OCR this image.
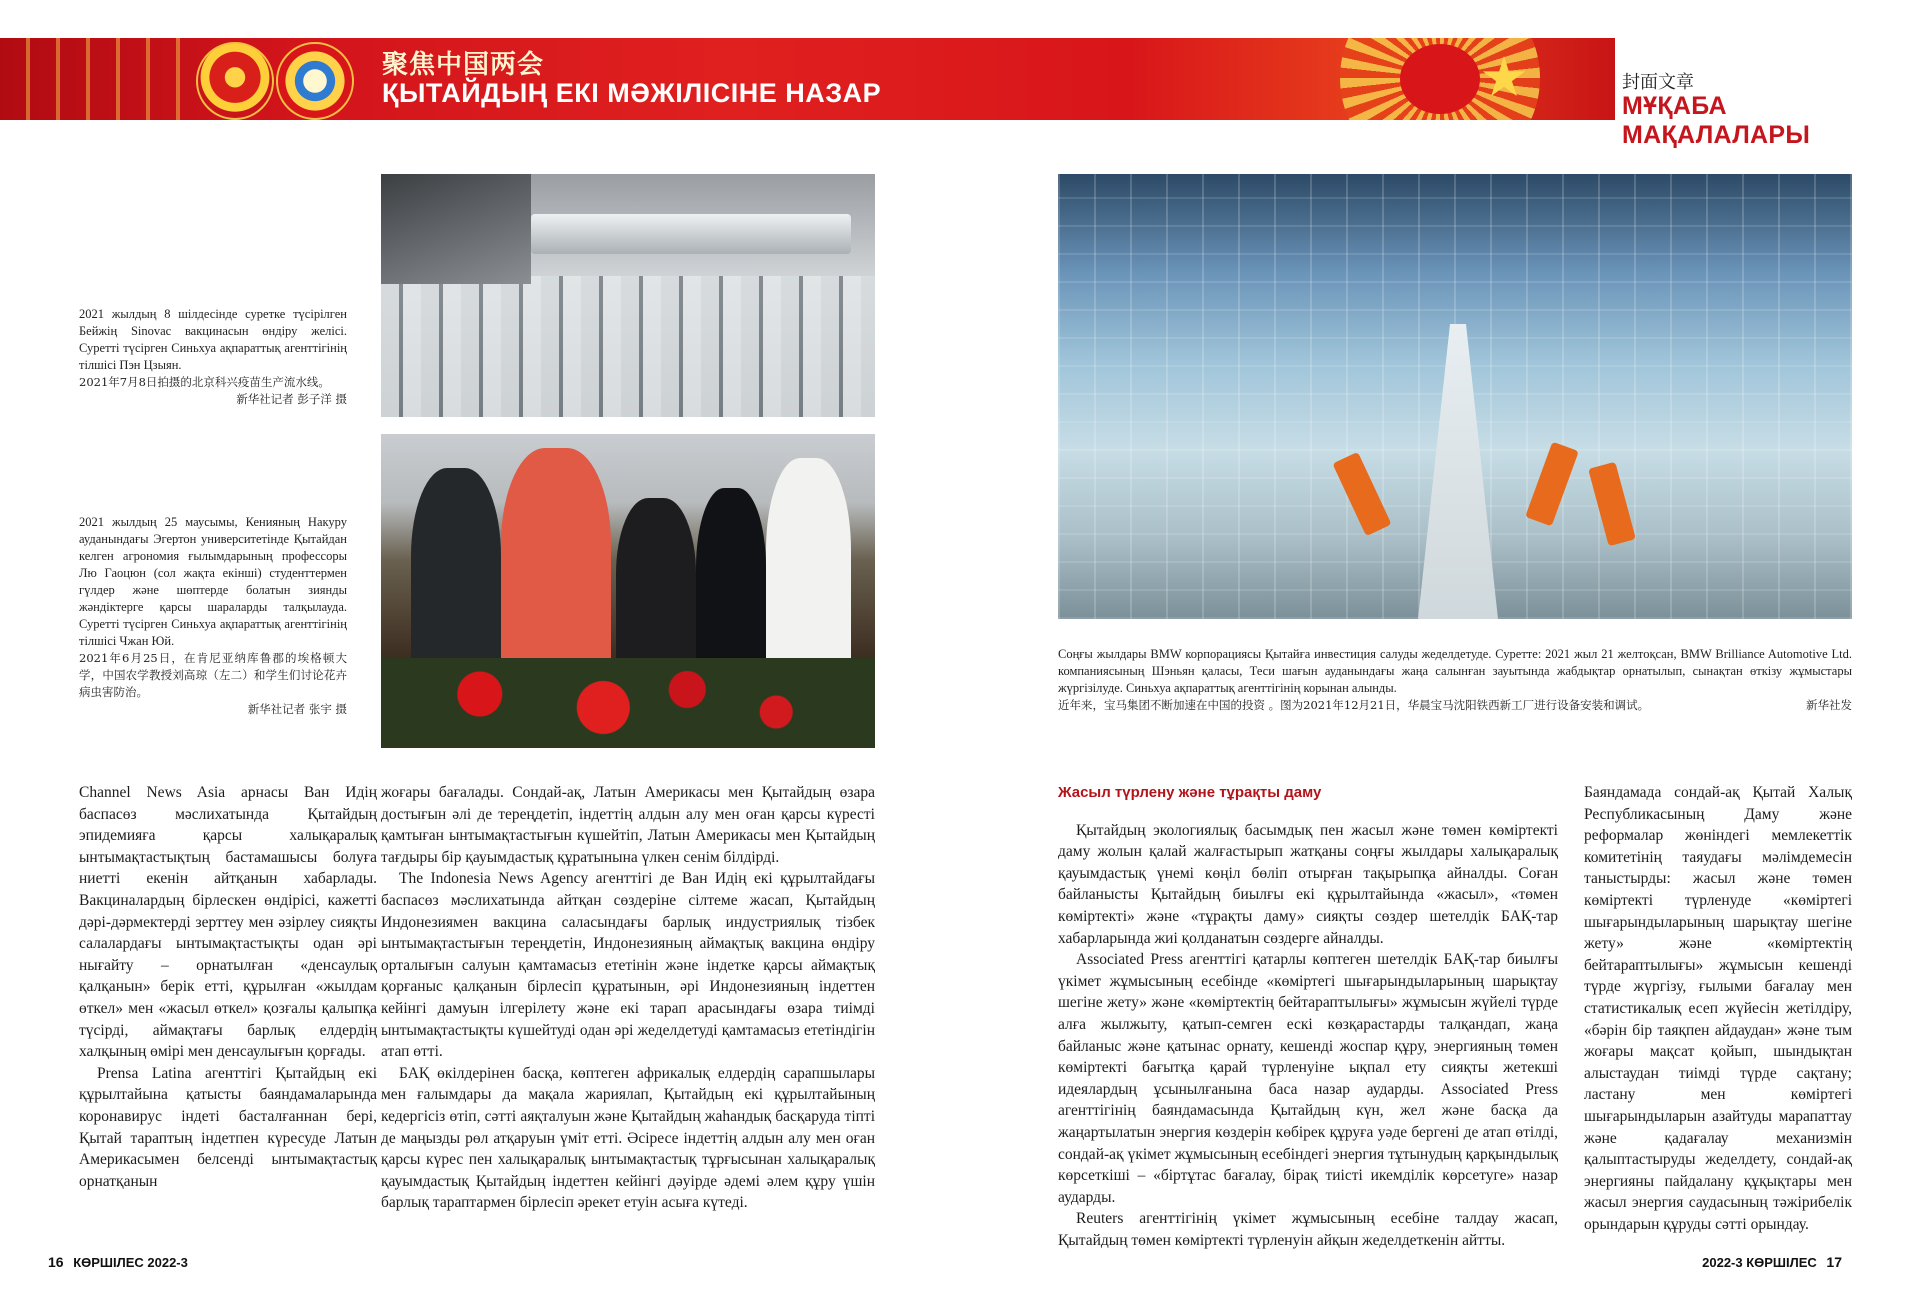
聚焦中国两会
ҚЫТАЙДЫҢ ЕКІ МӘЖІЛІСІНЕ НАЗАР	封面文章
МҰҚАБА МАҚАЛАЛАРЫ
2021 жылдың 8 шілдесінде суретке түсірілген Бейжің Sinovac вакцинасын өндіру желісі. Суретті түсірген Синьхуа ақпараттық агенттігінің тілшісі Пэн Цзыян.
2021年7月8日拍摄的北京科兴疫苗生产流水线。
新华社记者 彭子洋 摄
2021 жылдың 25 маусымы, Кенияның Накуру ауданындағы Эгертон университетінде Қытайдан келген агрономия ғылымдарының профессоры Лю Гаоцюн (сол жақта екінші) студенттермен гүлдер және шөптерде болатын зиянды жәндіктерге қарсы шараларды талқылауда. Суретті түсірген Синьхуа ақпараттық агенттігінің тілшісі Чжан Юй.
2021年6月25日，在肯尼亚纳库鲁郡的埃格顿大学，中国农学教授刘高琼（左二）和学生们讨论花卉病虫害防治。
新华社记者 张宇 摄
Соңғы жылдары BMW корпорациясы Қытайға инвестиция салуды жеделдетуде. Суретте: 2021 жыл 21 желтоқсан, BMW Brilliance Automotive Ltd. компаниясының Шэньян қаласы, Теси шағын ауданындағы жаңа салынған зауытында жабдықтар орнатылып, сынақтан өткізу жұмыстары жүргізілуде. Синьхуа ақпараттық агенттігінің корынан алынды.
近年来，宝马集团不断加速在中国的投资 。图为2021年12月21日，华晨宝马沈阳铁西新工厂进行设备安装和调试。	新华社发

Channel News Asia арнасы Ван Идің баспасөз мәслихатында Қытайдың эпидемияға қарсы халықаралық ынтымақтастықтың бастамашысы болуға ниетті екенін айтқанын хабарлады. Вакциналардың бірлескен өндірісі, кажетті дәрі-дәрмектерді зерттеу мен әзірлеу сияқты салалардағы ынтымақтастықты одан әрі нығайту – орнатылған «денсаулық қалқанын» берік етті, құрылған «жылдам өткел» мен «жасыл өткел» қозғалы қалыпқа түсірді, аймақтағы барлық елдердің халқының өмірі мен денсаулығын қорғады.

Prensa Latina агенттігі Қытайдың екі құрылтайына қатысты баяндамаларында коронавирус індеті басталғаннан бері, Қытай тараптың індетпен күресуде Латын Америкасымен белсенді ынтымақтастық орнатқанын

жоғары бағалады. Сондай-ақ, Латын Америкасы мен Қытайдың өзара достығын әлі де тереңдетіп, індеттің алдын алу мен оған қарсы күресті қамтыған ынтымақтастығын күшейтіп, Латын Америкасы мен Қытайдың тағдыры бір қауымдастық құратынына үлкен сенім білдірді.

The Indonesia News Agency агенттігі де Ван Идің екі құрылтайдағы баспасөз мәслихатында айтқан сөздеріне сілтеме жасап, Қытайдың Индонезиямен вакцина саласындағы барлық индустриялық тізбек ынтымақтастығын тереңдетін, Индонезияның аймақтық вакцина өндіру орталығын салуын қамтамасыз ететінін және індетке қарсы аймақтық қорғаныс қалқанын бірлесіп құратынын, әрі Индонезияның індеттен кейінгі дамуын ілгерілету және екі тарап арасындағы өзара тиімді ынтымақтастықты күшейтуді одан әрі жеделдетуді қамтамасыз ететіндігін атап өтті.

БАҚ өкілдерінен басқа, көптеген африкалық елдердің сарапшылары мен ғалымдары да мақала жариялап, Қытайдың екі құрылтайының кедергісіз өтіп, сәтті аяқталуын және Қытайдың жаһандық басқаруда тіпті де маңызды рөл атқаруын үміт етті. Әсіресе індеттің алдын алу мен оған қарсы күрес пен халықаралық ынтымақтастық тұрғысынан халықаралық қауымдастық Қытайдың індеттен кейінгі дәуірде әдемі әлем құру үшін барлық тараптармен бірлесіп әрекет етуін асыға күтеді.

Жасыл түрлену және тұрақты даму

Қытайдың экологиялық басымдық пен жасыл және төмен көміртекті даму жолын қалай жалғастырып жатқаны соңғы жылдары халықаралық қауымдастық үнемі көңіл бөліп отырған тақырыпқа айналды. Соған байланысты Қытайдың биылғы екі құрылтайында «жасыл», «төмен көміртекті» және «тұрақты даму» сияқты сөздер шетелдік БАҚ-тар хабарларында жиі қолданатын сөздерге айналды.

Associated Press агенттігі қатарлы көптеген шетелдік БАҚ-тар биылғы үкімет жұмысының есебінде «көміртегі шығарындыларының шарықтау шегіне жету» және «көміртектің бейтараптылығы» жұмысын жүйелі түрде алға жылжыту, қатып-семген ескі көзқарастарды талқандап, жаңа байланыс және қатынас орнату, кешенді жоспар құру, энергияның төмен көміртекті бағытқа қарай түрленуіне ықпал ету сияқты жетекші идеялардың ұсынылғанына баса назар аударды. Associated Press агенттігінің баяндамасында Қытайдың күн, жел және басқа да жаңартылатын энергия көздерін көбірек құруға уәде бергені де атап өтілді, сондай-ақ үкімет жұмысының есебіндегі энергия тұтынудың қарқындылық көрсеткіші – «біртұтас бағалау, бірақ тиісті икемділік көрсетуге» назар аударды.

Reuters агенттігінің үкімет жұмысының есебіне талдау жасап, Қытайдың төмен көміртекті түрленуін айқын жеделдеткенін айтты.

Баяндамада сондай-ақ Қытай Халық Республикасының Даму және реформалар жөніндегі мемлекеттік комитетінің таяудағы мәлімдемесін таныстырды: жасыл және төмен көміртекті түрленуде «көміртегі шығарындыларының шарықтау шегіне жету» және «көміртектің бейтараптылығы» жұмысын кешенді түрде жүргізу, ғылыми бағалау мен статистикалық есеп жүйесін жетілдіру, «бәрін бір таяқпен айдаудан» және тым жоғары мақсат қойып, шындықтан алыстаудан тиімді түрде сақтану; ластану мен көміртегі шығарындыларын азайтуды марапаттау және қадағалау механизмін қалыптастыруды жеделдету, сондай-ақ энергияны пайдалану құқықтары мен жасыл энергия саудасының тәжірибелік орындарын құруды сәтті орындау.

16 КӨРШІЛЕС 2022-3	2022-3 КӨРШІЛЕС 17
